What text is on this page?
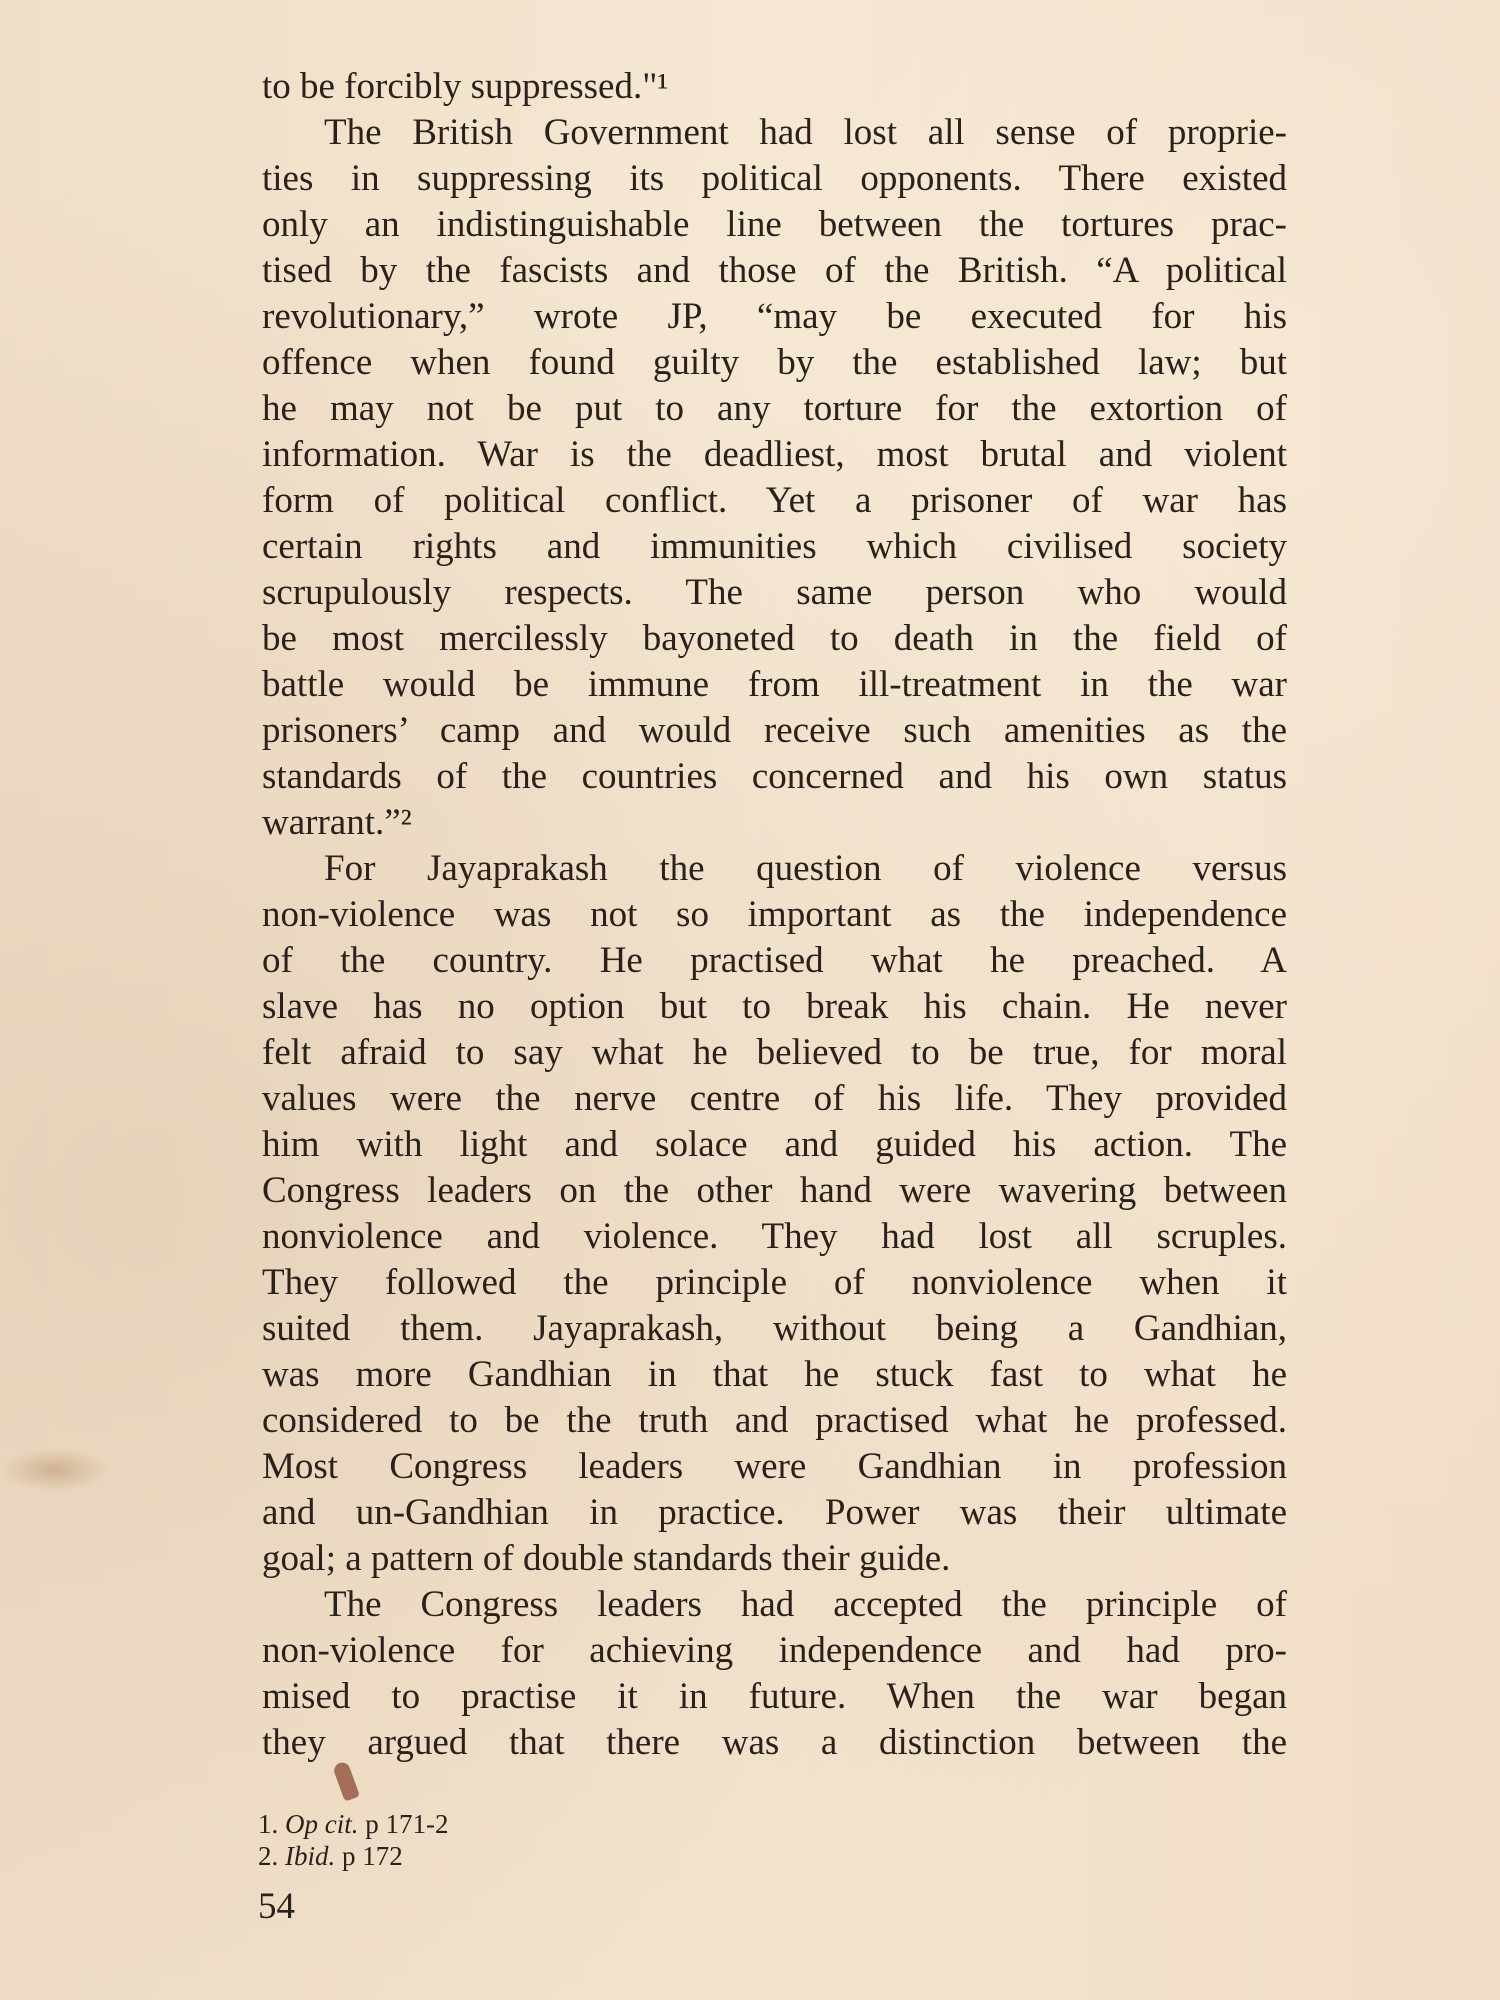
to be forcibly suppressed."¹
The British Government had lost all sense of proprie-
ties in suppressing its political opponents. There existed
only an indistinguishable line between the tortures prac-
tised by the fascists and those of the British. “A political
revolutionary,” wrote JP, “may be executed for his
offence when found guilty by the established law; but
he may not be put to any torture for the extortion of
information. War is the deadliest, most brutal and violent
form of political conflict. Yet a prisoner of war has
certain rights and immunities which civilised society
scrupulously respects. The same person who would
be most mercilessly bayoneted to death in the field of
battle would be immune from ill-treatment in the war
prisoners’ camp and would receive such amenities as the
standards of the countries concerned and his own status
warrant.”²
For Jayaprakash the question of violence versus
non-violence was not so important as the independence
of the country. He practised what he preached. A
slave has no option but to break his chain. He never
felt afraid to say what he believed to be true, for moral
values were the nerve centre of his life. They provided
him with light and solace and guided his action. The
Congress leaders on the other hand were wavering between
nonviolence and violence. They had lost all scruples.
They followed the principle of nonviolence when it
suited them. Jayaprakash, without being a Gandhian,
was more Gandhian in that he stuck fast to what he
considered to be the truth and practised what he professed.
Most Congress leaders were Gandhian in profession
and un-Gandhian in practice. Power was their ultimate
goal; a pattern of double standards their guide.
The Congress leaders had accepted the principle of
non-violence for achieving independence and had pro-
mised to practise it in future. When the war began
they argued that there was a distinction between the
1. Op cit. p 171-2
2. Ibid. p 172
54
